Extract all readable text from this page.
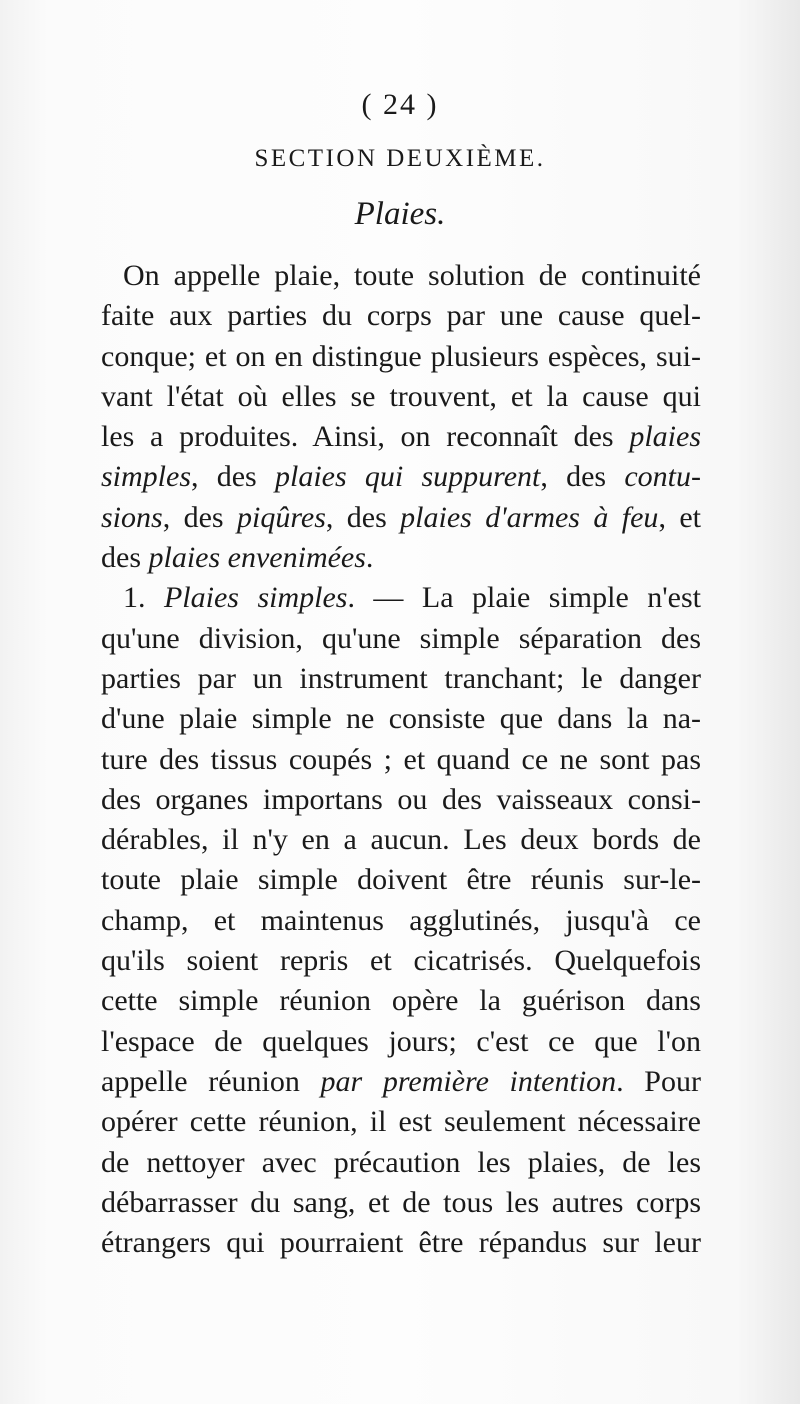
( 24 )
SECTION DEUXIÈME.
Plaies.
On appelle plaie, toute solution de continuité
faite aux parties du corps par une cause quel-
conque; et on en distingue plusieurs espèces, sui-
vant l'état où elles se trouvent, et la cause qui
les a produites. Ainsi, on reconnaît des plaies
simples, des plaies qui suppurent, des contu-
sions, des piqûres, des plaies d'armes à feu, et
des plaies envenimées.
1. Plaies simples. — La plaie simple n'est
qu'une division, qu'une simple séparation des
parties par un instrument tranchant; le danger
d'une plaie simple ne consiste que dans la na-
ture des tissus coupés ; et quand ce ne sont pas
des organes importans ou des vaisseaux consi-
dérables, il n'y en a aucun. Les deux bords de
toute plaie simple doivent être réunis sur-le-
champ, et maintenus agglutinés, jusqu'à ce
qu'ils soient repris et cicatrisés. Quelquefois
cette simple réunion opère la guérison dans
l'espace de quelques jours; c'est ce que l'on
appelle réunion par première intention. Pour
opérer cette réunion, il est seulement nécessaire
de nettoyer avec précaution les plaies, de les
débarrasser du sang, et de tous les autres corps
étrangers qui pourraient être répandus sur leur
